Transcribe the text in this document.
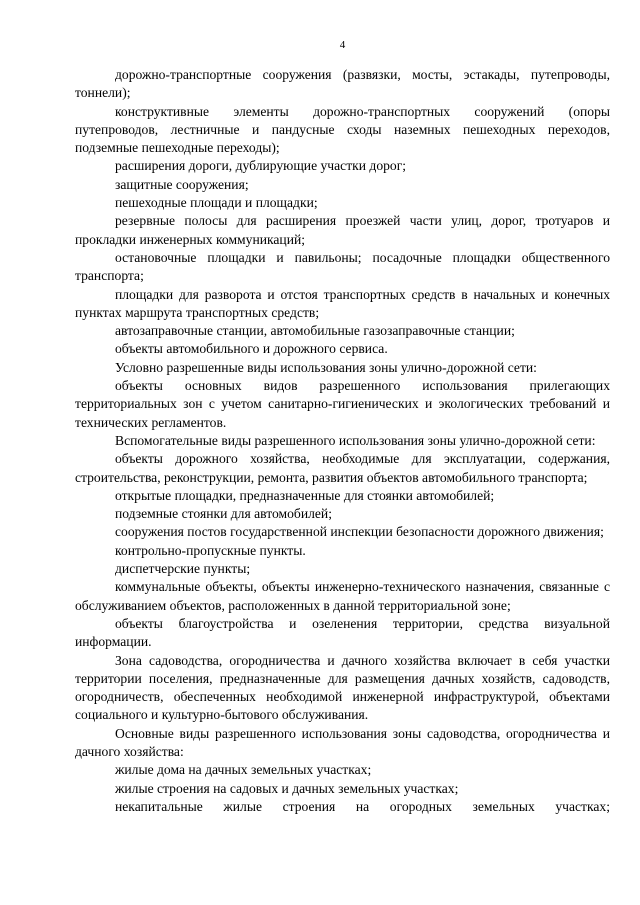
4

дорожно-транспортные сооружения (развязки, мосты, эстакады, путепроводы, тоннели);

конструктивные элементы дорожно-транспортных сооружений (опоры путепроводов, лестничные и пандусные сходы наземных пешеходных переходов, подземные пешеходные переходы);

расширения дороги, дублирующие участки дорог;

защитные сооружения;

пешеходные площади и площадки;

резервные полосы для расширения проезжей части улиц, дорог, тротуаров и прокладки инженерных коммуникаций;

остановочные площадки и павильоны; посадочные площадки общественного транспорта;

площадки для разворота и отстоя транспортных средств в начальных и конечных пунктах маршрута транспортных средств;

автозаправочные станции, автомобильные газозаправочные станции;

объекты автомобильного и дорожного сервиса.

Условно разрешенные виды использования зоны улично-дорожной сети:

объекты основных видов разрешенного использования прилегающих территориальных зон с учетом санитарно-гигиенических и экологических требований и технических регламентов.

Вспомогательные виды разрешенного использования зоны улично-дорожной сети:

объекты дорожного хозяйства, необходимые для эксплуатации, содержания, строительства, реконструкции, ремонта, развития объектов автомобильного транспорта;

открытые площадки, предназначенные для стоянки автомобилей;

подземные стоянки для автомобилей;

сооружения постов государственной инспекции безопасности дорожного движения;

контрольно-пропускные пункты.

диспетчерские пункты;

коммунальные объекты, объекты инженерно-технического назначения, связанные с обслуживанием объектов, расположенных в данной территориальной зоне;

объекты благоустройства и озеленения территории, средства визуальной информации.

Зона садоводства, огородничества и дачного хозяйства включает в себя участки территории поселения, предназначенные для размещения дачных хозяйств, садоводств, огородничеств, обеспеченных необходимой инженерной инфраструктурой, объектами социального и культурно-бытового обслуживания.

Основные виды разрешенного использования зоны садоводства, огородничества и дачного хозяйства:

жилые дома на дачных земельных участках;

жилые строения на садовых и дачных земельных участках;

некапитальные жилые строения на огородных земельных участках;
